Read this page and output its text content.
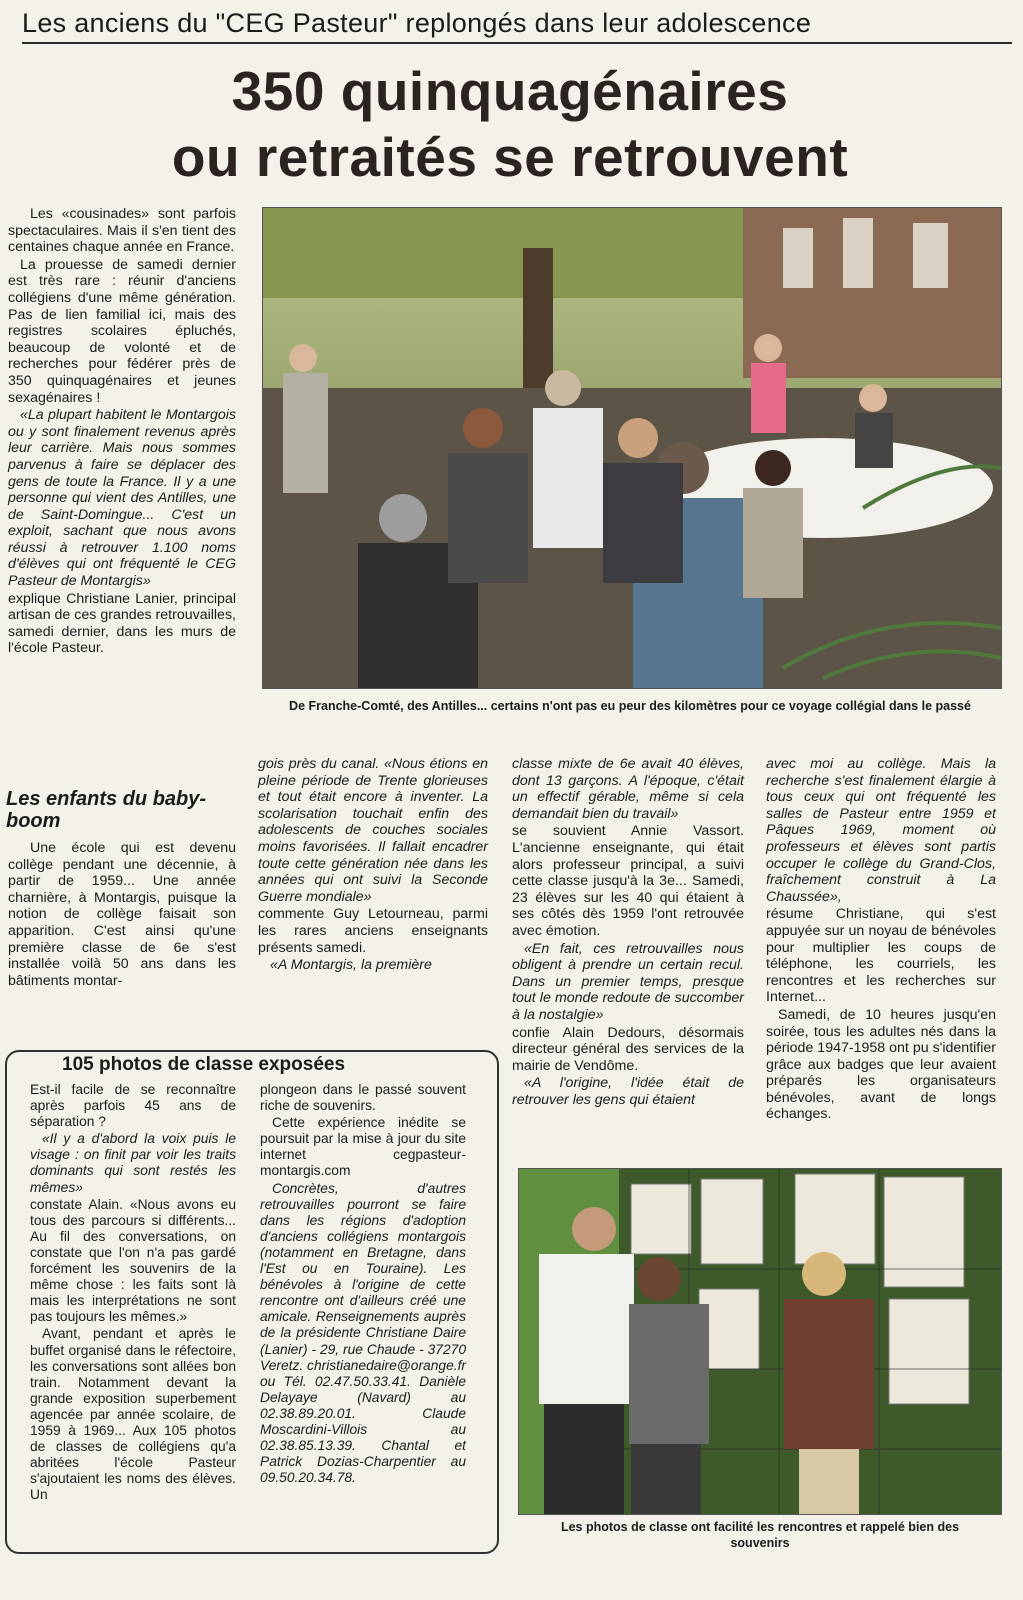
Les anciens du "CEG Pasteur" replongés dans leur adolescence
350 quinquagénaires
ou retraités se retrouvent

Les «cousinades» sont parfois spectaculaires. Mais il s'en tient des centaines chaque année en France.

La prouesse de samedi dernier est très rare : réunir d'anciens collégiens d'une même génération. Pas de lien familial ici, mais des registres scolaires épluchés, beaucoup de volonté et de recherches pour fédérer près de 350 quinquagénaires et jeunes sexagénaires !

«La plupart habitent le Montargois ou y sont finalement revenus après leur carrière. Mais nous sommes parvenus à faire se déplacer des gens de toute la France. Il y a une personne qui vient des Antilles, une de Saint-Domingue... C'est un exploit, sachant que nous avons réussi à retrouver 1.100 noms d'élèves qui ont fréquenté le CEG Pasteur de Montargis»

explique Christiane Lanier, principal artisan de ces grandes retrouvailles, samedi dernier, dans les murs de l'école Pasteur.

Les enfants du baby-boom

Une école qui est devenu collège pendant une décennie, à partir de 1959... Une année charnière, à Montargis, puisque la notion de collège faisait son apparition. C'est ainsi qu'une première classe de 6e s'est installée voilà 50 ans dans les bâtiments montar-

De Franche-Comté, des Antilles... certains n'ont pas eu peur des kilomètres pour ce voyage collégial dans le passé

gois près du canal. «Nous étions en pleine période de Trente glorieuses et tout était encore à inventer. La scolarisation touchait enfin des adolescents de couches sociales moins favorisées. Il fallait encadrer toute cette génération née dans les années qui ont suivi la Seconde Guerre mondiale»

commente Guy Letourneau, parmi les rares anciens enseignants présents samedi.

«A Montargis, la première

classe mixte de 6e avait 40 élèves, dont 13 garçons. A l'époque, c'était un effectif gérable, même si cela demandait bien du travail»

se souvient Annie Vassort. L'ancienne enseignante, qui était alors professeur principal, a suivi cette classe jusqu'à la 3e... Samedi, 23 élèves sur les 40 qui étaient à ses côtés dès 1959 l'ont retrouvée avec émotion.

«En fait, ces retrouvailles nous obligent à prendre un certain recul. Dans un premier temps, presque tout le monde redoute de succomber à la nostalgie»

confie Alain Dedours, désormais directeur général des services de la mairie de Vendôme.

«A l'origine, l'idée était de retrouver les gens qui étaient

avec moi au collège. Mais la recherche s'est finalement élargie à tous ceux qui ont fréquenté les salles de Pasteur entre 1959 et Pâques 1969, moment où professeurs et élèves sont partis occuper le collège du Grand-Clos, fraîchement construit à La Chaussée»,

résume Christiane, qui s'est appuyée sur un noyau de bénévoles pour multiplier les coups de téléphone, les courriels, les rencontres et les recherches sur Internet...

Samedi, de 10 heures jusqu'en soirée, tous les adultes nés dans la période 1947-1958 ont pu s'identifier grâce aux badges que leur avaient préparés les organisateurs bénévoles, avant de longs échanges.

105 photos de classe exposées

Est-il facile de se reconnaître après parfois 45 ans de séparation ?

«Il y a d'abord la voix puis le visage : on finit par voir les traits dominants qui sont restés les mêmes»

constate Alain. «Nous avons eu tous des parcours si différents... Au fil des conversations, on constate que l'on n'a pas gardé forcément les souvenirs de la même chose : les faits sont là mais les interprétations ne sont pas toujours les mêmes.»

Avant, pendant et après le buffet organisé dans le réfectoire, les conversations sont allées bon train. Notamment devant la grande exposition superbement agencée par année scolaire, de 1959 à 1969... Aux 105 photos de classes de collégiens qu'a abritées l'école Pasteur s'ajoutaient les noms des élèves. Un

plongeon dans le passé souvent riche de souvenirs.

Cette expérience inédite se poursuit par la mise à jour du site internet cegpasteur-montargis.com

Concrètes, d'autres retrouvailles pourront se faire dans les régions d'adoption d'anciens collégiens montargois (notamment en Bretagne, dans l'Est ou en Touraine). Les bénévoles à l'origine de cette rencontre ont d'ailleurs créé une amicale. Renseignements auprès de la présidente Christiane Daire (Lanier) - 29, rue Chaude - 37270 Veretz. christianedaire@orange.fr ou Tél. 02.47.50.33.41. Danièle Delayaye (Navard) au 02.38.89.20.01. Claude Moscardini-Villois au 02.38.85.13.39. Chantal et Patrick Dozias-Charpentier au 09.50.20.34.78.

Les photos de classe ont facilité les rencontres et rappelé bien des souvenirs
